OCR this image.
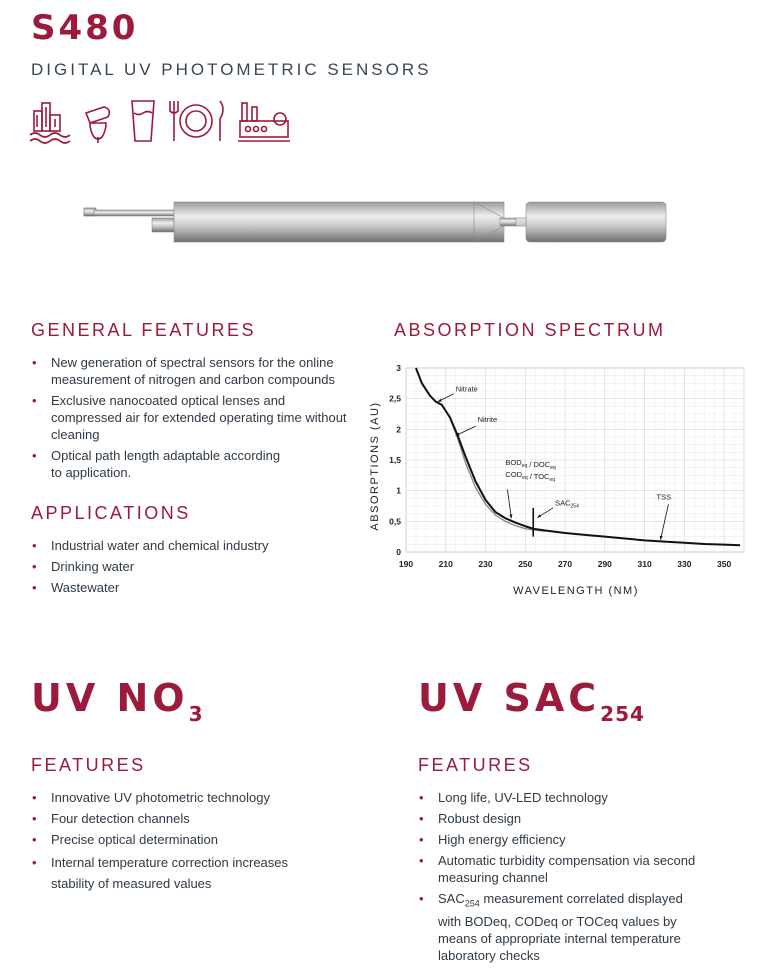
S480
DIGITAL UV PHOTOMETRIC SENSORS
GENERAL FEATURES
• New generation of spectral sensors for the online measurement of nitrogen and carbon compounds
• Exclusive nanocoated optical lenses and compressed air for extended operating time without cleaning
• Optical path length adaptable according to application.
APPLICATIONS
• Industrial water and chemical industry
• Drinking water
• Wastewater
ABSORPTION SPECTRUM
190	210	230	250	270	290	310	330	350
0
0,5
1
1,5
2
2,5
3
Nitrate
Nitrite
$BOD_{eq} / DOC_{eq}$
$COD_{eq} / TOC_{eq}$
$SAC_{254}$
TSS
WAVELENGTH (NM)
ABSORPTIONS (AU)
UV $NO_3$
FEATURES
• Innovative UV photometric technology
• Four detection channels
• Precise optical determination
• Internal temperature correction increases stability of measured values
UV $SAC_{254}$
FEATURES
• Long life, UV-LED technology
• Robust design
• High energy efficiency
• Automatic turbidity compensation via second measuring channel
• $SAC_{254}$ measurement correlated displayed with BODeq, CODeq or TOCeq values by means of appropriate internal temperature laboratory checks
